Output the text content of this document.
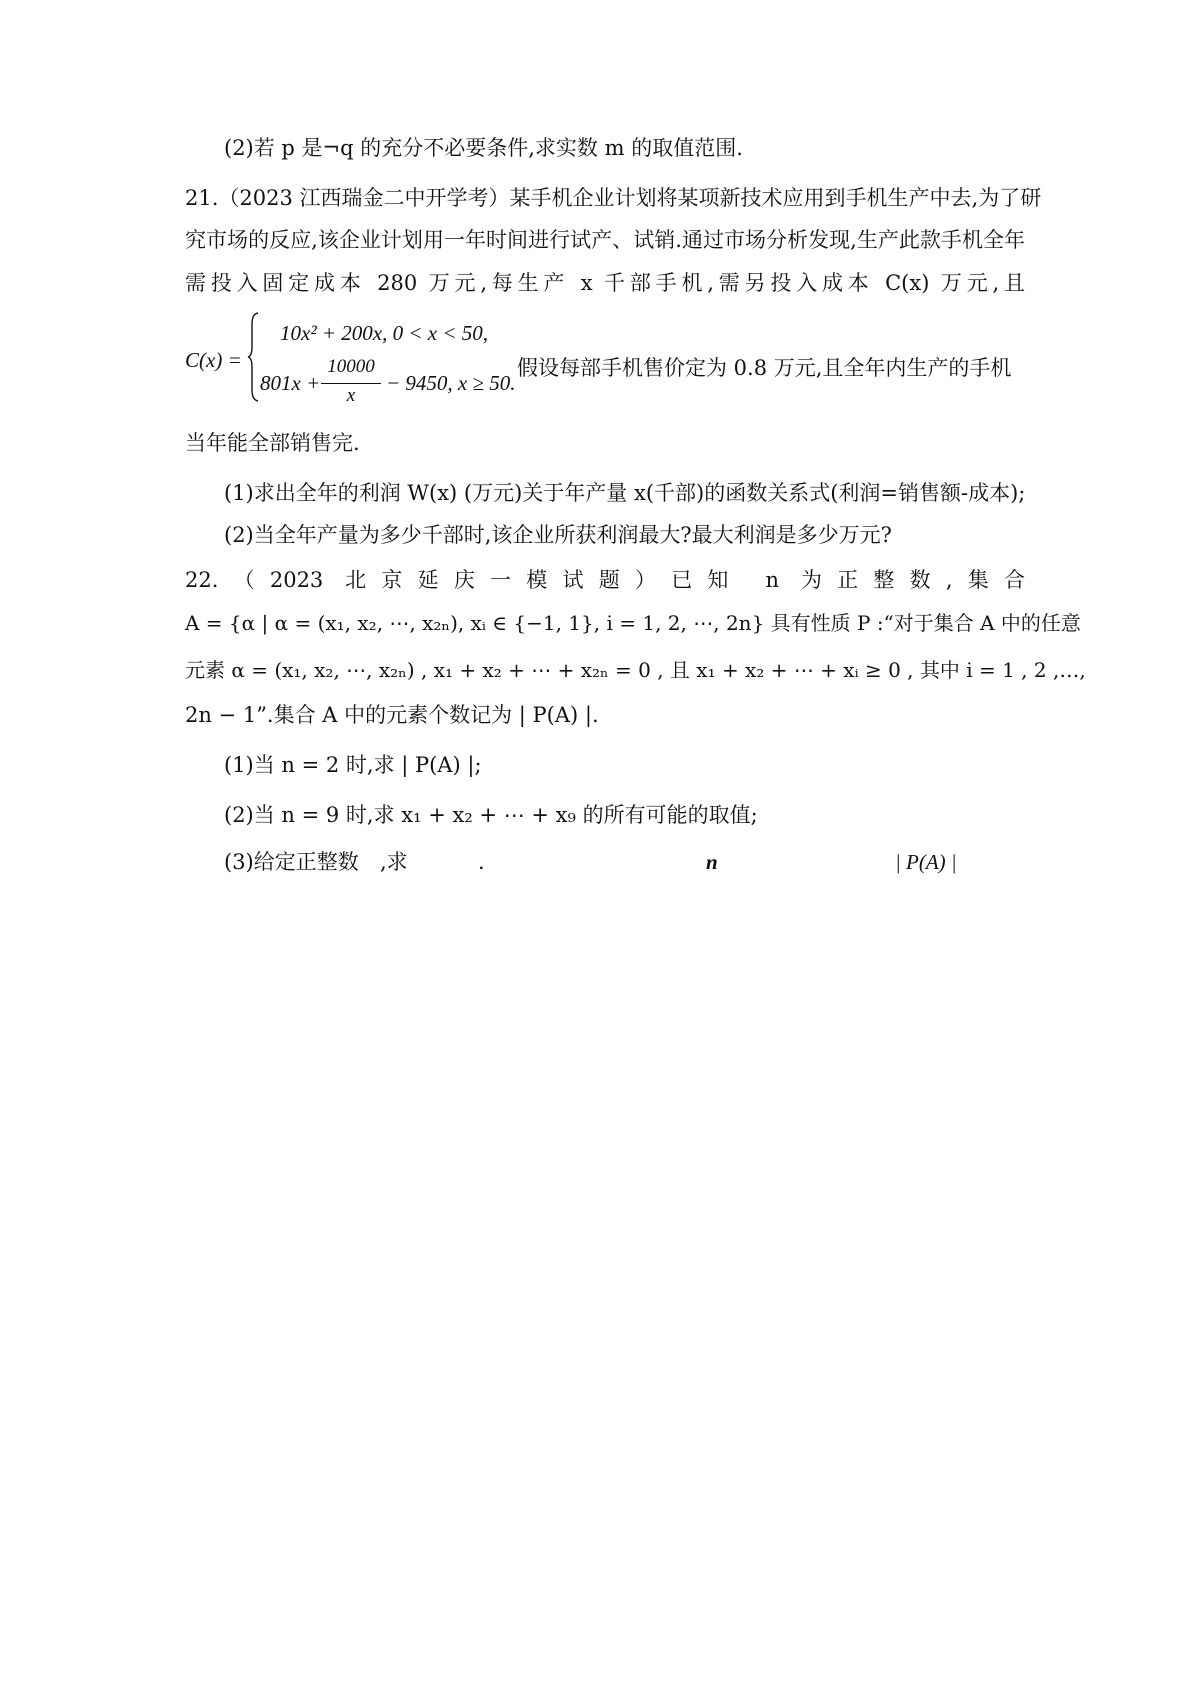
(2)若 p 是¬q 的充分不必要条件,求实数 m 的取值范围.
21.（2023 江西瑞金二中开学考）某手机企业计划将某项新技术应用到手机生产中去,为了研
究市场的反应,该企业计划用一年时间进行试产、试销.通过市场分析发现,生产此款手机全年
需投入固定成本 280 万元,每生产 x 千部手机,需另投入成本 C(x) 万元,且
C(x) =
10x² + 200x, 0 < x < 50,
801x +
10000
x
− 9450, x ≥ 50.
假设每部手机售价定为 0.8 万元,且全年内生产的手机
当年能全部销售完.
(1)求出全年的利润 W(x) (万元)关于年产量 x(千部)的函数关系式(利润=销售额-成本);
(2)当全年产量为多少千部时,该企业所获利润最大?最大利润是多少万元?
22.（2023 北京延庆一模试题）已知 n 为正整数,集合
A = {α | α = (x₁, x₂, ⋯, x₂ₙ), xᵢ ∈ {−1, 1}, i = 1, 2, ⋯, 2n} 具有性质 P :“对于集合 A 中的任意
元素 α = (x₁, x₂, ⋯, x₂ₙ) , x₁ + x₂ + ⋯ + x₂ₙ = 0 , 且 x₁ + x₂ + ⋯ + xᵢ ≥ 0 , 其中 i = 1 , 2 ,…,
2n − 1”.集合 A 中的元素个数记为 | P(A) |.
(1)当 n = 2 时,求 | P(A) |;
(2)当 n = 9 时,求 x₁ + x₂ + ⋯ + x₉ 的所有可能的取值;
(3)给定正整数 ,求	.	n	| P(A) |
